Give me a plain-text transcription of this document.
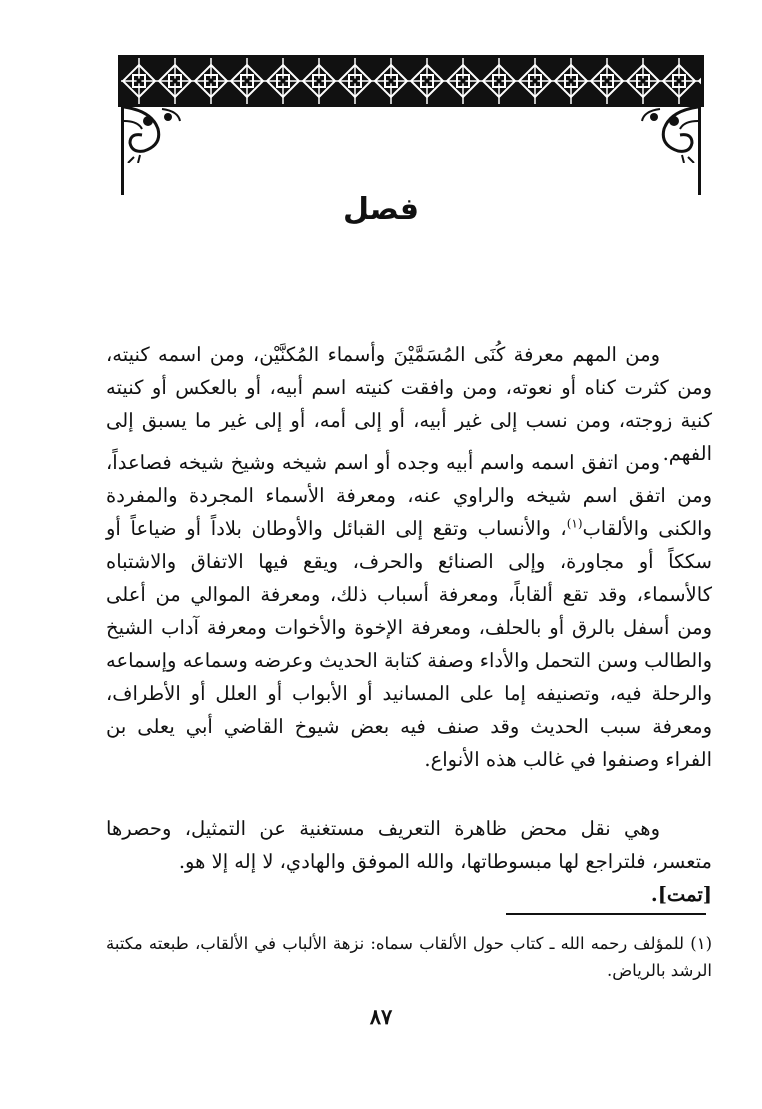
فصل
ومن المهم معرفة كُنَى المُسَمَّيْنَ وأسماء المُكنَّيْن، ومن اسمه كنيته، ومن كثرت كناه أو نعوته، ومن وافقت كنيته اسم أبيه، أو بالعكس أو كنيته كنية زوجته، ومن نسب إلى غير أبيه، أو إلى أمه، أو إلى غير ما يسبق إلى الفهم.
ومن اتفق اسمه واسم أبيه وجده أو اسم شيخه وشيخ شيخه فصاعداً، ومن اتفق اسم شيخه والراوي عنه، ومعرفة الأسماء المجردة والمفردة والكنى والألقاب$^{(١)}$، والأنساب وتقع إلى القبائل والأوطان بلاداً أو ضياعاً أو سككاً أو مجاورة، وإلى الصنائع والحرف، ويقع فيها الاتفاق والاشتباه كالأسماء، وقد تقع ألقاباً، ومعرفة أسباب ذلك، ومعرفة الموالي من أعلى ومن أسفل بالرق أو بالحلف، ومعرفة الإخوة والأخوات ومعرفة آداب الشيخ والطالب وسن التحمل والأداء وصفة كتابة الحديث وعرضه وسماعه وإسماعه والرحلة فيه، وتصنيفه إما على المسانيد أو الأبواب أو العلل أو الأطراف، ومعرفة سبب الحديث وقد صنف فيه بعض شيوخ القاضي أبي يعلى بن الفراء وصنفوا في غالب هذه الأنواع.
وهي نقل محض ظاهرة التعريف مستغنية عن التمثيل، وحصرها متعسر، فلتراجع لها مبسوطاتها، والله الموفق والهادي، لا إله إلا هو.
[تمت].
(١) للمؤلف رحمه الله ـ كتاب حول الألقاب سماه: نزهة الألباب في الألقاب، طبعته مكتبة الرشد بالرياض.
٨٧
